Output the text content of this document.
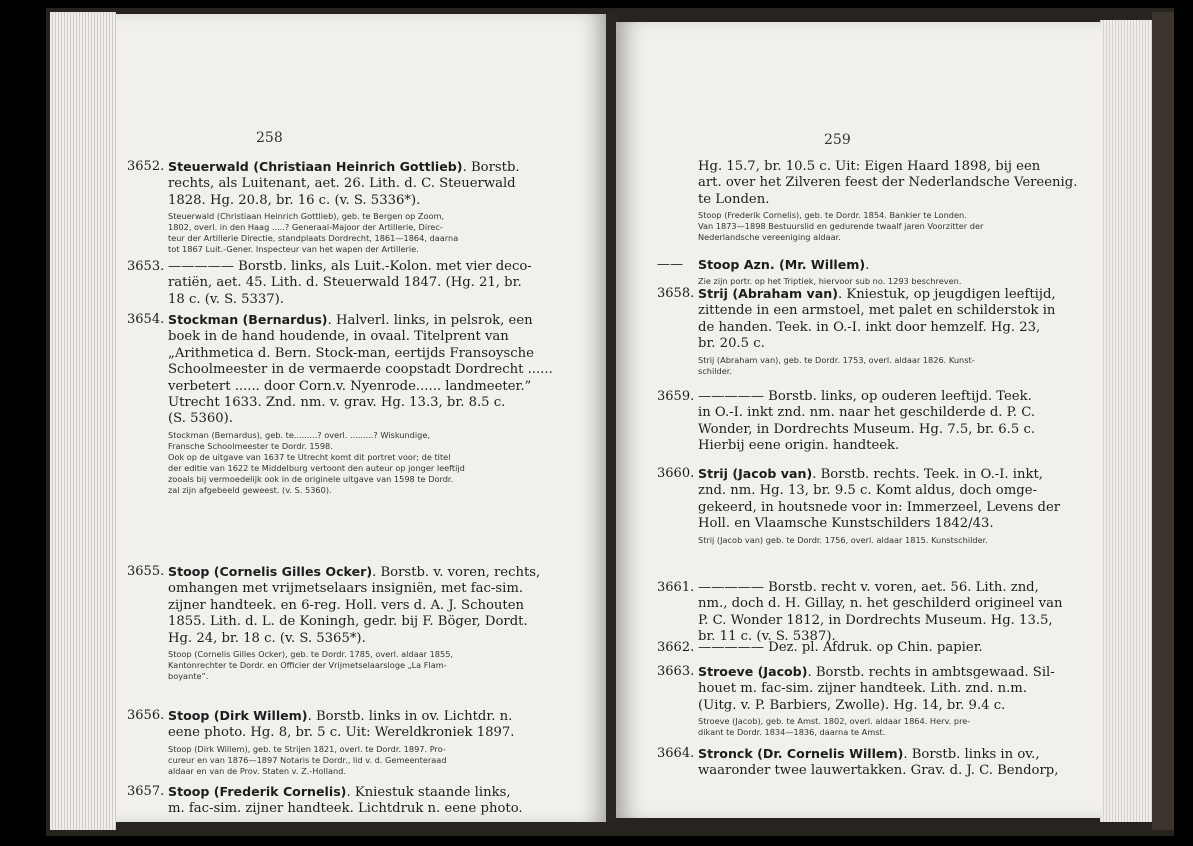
258
3652. Steuerwald (Christiaan Heinrich Gottlieb). Borstb.
rechts, als Luitenant, aet. 26. Lith. d. C. Steuerwald
1828. Hg. 20.8, br. 16 c. (v. S. 5336*).
Steuerwald (Christiaan Heinrich Gottlieb), geb. te Bergen op Zoom,
1802, overl. in den Haag .....? Generaal-Majoor der Artillerie, Direc-
teur der Artillerie Directie, standplaats Dordrecht, 1861—1864, daarna
tot 1867 Luit.-Gener. Inspecteur van het wapen der Artillerie.
3653. ————— Borstb. links, als Luit.-Kolon. met vier deco-
ratiën, aet. 45. Lith. d. Steuerwald 1847. (Hg. 21, br.
18 c. (v. S. 5337).
3654. Stockman (Bernardus). Halverl. links, in pelsrok, een
boek in de hand houdende, in ovaal. Titelprent van
„Arithmetica d. Bern. Stock-man, eertijds Fransoysche
Schoolmeester in de vermaerde coopstadt Dordrecht ......
verbetert ...... door Corn.v. Nyenrode...... landmeeter.”
Utrecht 1633. Znd. nm. v. grav. Hg. 13.3, br. 8.5 c.
(S. 5360).
Stockman (Bernardus), geb. te.........? overl. .........? Wiskundige,
Fransche Schoolmeester te Dordr. 1598.
Ook op de uitgave van 1637 te Utrecht komt dit portret voor; de titel
der editie van 1622 te Middelburg vertoont den auteur op jonger leeftijd
zooals bij vermoedelijk ook in de originele uitgave van 1598 te Dordr.
zal zijn afgebeeld geweest. (v. S. 5360).
3655. Stoop (Cornelis Gilles Ocker). Borstb. v. voren, rechts,
omhangen met vrijmetselaars insigniën, met fac-sim.
zijner handteek. en 6-reg. Holl. vers d. A. J. Schouten
1855. Lith. d. L. de Koningh, gedr. bij F. Böger, Dordt.
Hg. 24, br. 18 c. (v. S. 5365*).
Stoop (Cornelis Gilles Ocker), geb. te Dordr. 1785, overl. aldaar 1855,
Kantonrechter te Dordr. en Officier der Vrijmetselaarsloge „La Flam-
boyante”.
3656. Stoop (Dirk Willem). Borstb. links in ov. Lichtdr. n.
eene photo. Hg. 8, br. 5 c. Uit: Wereldkroniek 1897.
Stoop (Dirk Willem), geb. te Strijen 1821, overl. te Dordr. 1897. Pro-
cureur en van 1876—1897 Notaris te Dordr., lid v. d. Gemeenteraad
aldaar en van de Prov. Staten v. Z.-Holland.
3657. Stoop (Frederik Cornelis). Kniestuk staande links,
m. fac-sim. zijner handteek. Lichtdruk n. eene photo.
259
Hg. 15.7, br. 10.5 c. Uit: Eigen Haard 1898, bij een
art. over het Zilveren feest der Nederlandsche Vereenig.
te Londen.
Stoop (Frederik Cornelis), geb. te Dordr. 1854. Bankier te Londen.
Van 1873—1898 Bestuurslid en gedurende twaalf jaren Voorzitter der
Nederlandsche vereeniging aldaar.
——	Stoop Azn. (Mr. Willem).
Zie zijn portr. op het Triptiek, hiervoor sub no. 1293 beschreven.
3658. Strij (Abraham van). Kniestuk, op jeugdigen leeftijd,
zittende in een armstoel, met palet en schilderstok in
de handen. Teek. in O.-I. inkt door hemzelf. Hg. 23,
br. 20.5 c.
Strij (Abraham van), geb. te Dordr. 1753, overl. aldaar 1826. Kunst-
schilder.
3659. ————— Borstb. links, op ouderen leeftijd. Teek.
in O.-I. inkt znd. nm. naar het geschilderde d. P. C.
Wonder, in Dordrechts Museum. Hg. 7.5, br. 6.5 c.
Hierbij eene origin. handteek.
3660. Strij (Jacob van). Borstb. rechts. Teek. in O.-I. inkt,
znd. nm. Hg. 13, br. 9.5 c. Komt aldus, doch omge-
gekeerd, in houtsnede voor in: Immerzeel, Levens der
Holl. en Vlaamsche Kunstschilders 1842/43.
Strij (Jacob van) geb. te Dordr. 1756, overl. aldaar 1815. Kunstschilder.
3661. ————— Borstb. recht v. voren, aet. 56. Lith. znd,
nm., doch d. H. Gillay, n. het geschilderd origineel van
P. C. Wonder 1812, in Dordrechts Museum. Hg. 13.5,
br. 11 c. (v. S. 5387).
3662. ————— Dez. pl. Afdruk. op Chin. papier.
3663. Stroeve (Jacob). Borstb. rechts in ambtsgewaad. Sil-
houet m. fac-sim. zijner handteek. Lith. znd. n.m.
(Uitg. v. P. Barbiers, Zwolle). Hg. 14, br. 9.4 c.
Stroeve (Jacob), geb. te Amst. 1802, overl. aldaar 1864. Herv. pre-
dikant te Dordr. 1834—1836, daarna te Amst.
3664. Stronck (Dr. Cornelis Willem). Borstb. links in ov.,
waaronder twee lauwertakken. Grav. d. J. C. Bendorp,
